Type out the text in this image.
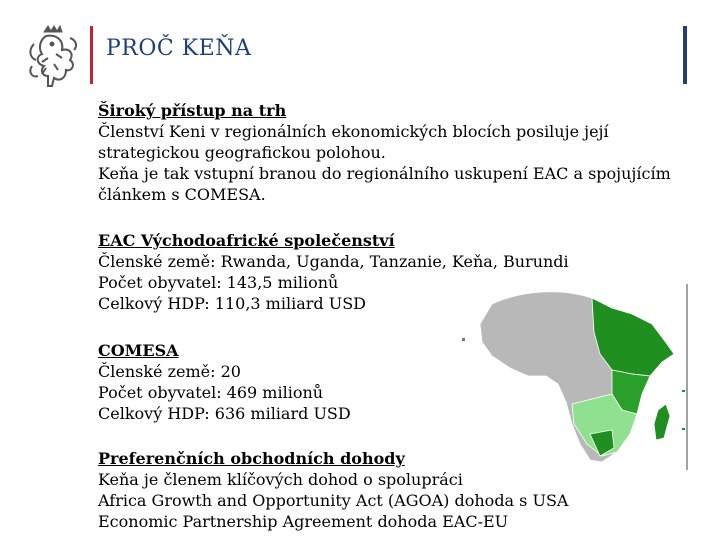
PROČ KEŇA
Široký přístup na trh
Členství Keni v regionálních ekonomických blocích posiluje její
strategickou geografickou polohou.
Keňa je tak vstupní branou do regionálního uskupení EAC a spojujícím
článkem s COMESA.
EAC Východoafrické společenství
Členské země: Rwanda, Uganda, Tanzanie, Keňa, Burundi
Počet obyvatel: 143,5 milionů
Celkový HDP: 110,3 miliard USD
COMESA
Členské země: 20
Počet obyvatel: 469 milionů
Celkový HDP: 636 miliard USD
Preferenčních obchodních dohody
Keňa je členem klíčových dohod o spolupráci
Africa Growth and Opportunity Act (AGOA) dohoda s USA
Economic Partnership Agreement dohoda EAC-EU
